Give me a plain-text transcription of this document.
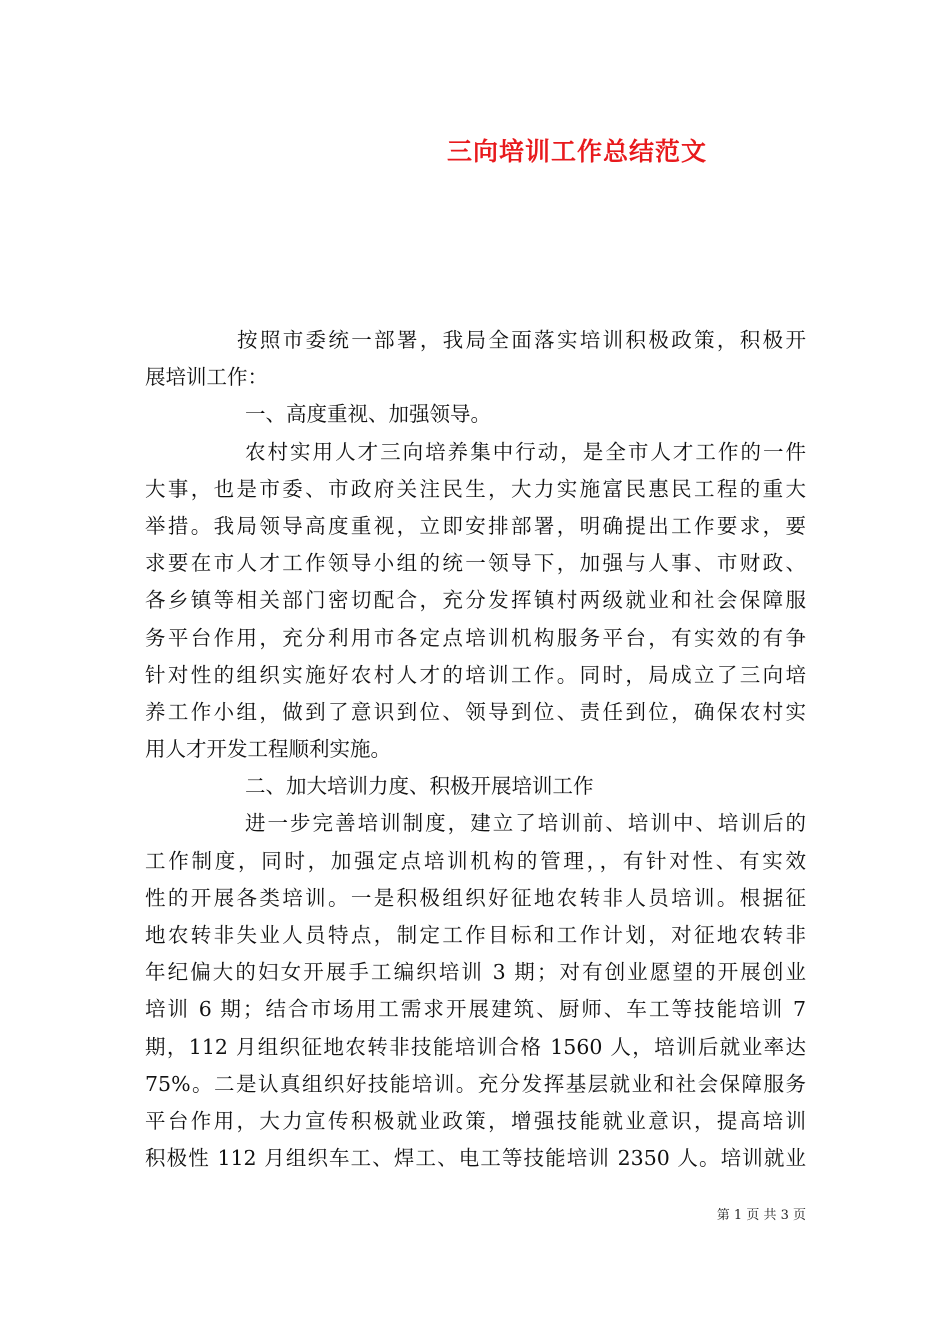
三向培训工作总结范文
按照市委统一部署，我局全面落实培训积极政策，积极开
展培训工作：
一、高度重视、加强领导。
农村实用人才三向培养集中行动，是全市人才工作的一件
大事，也是市委、市政府关注民生，大力实施富民惠民工程的重大
举措。我局领导高度重视，立即安排部署，明确提出工作要求，要
求要在市人才工作领导小组的统一领导下，加强与人事、市财政、
各乡镇等相关部门密切配合，充分发挥镇村两级就业和社会保障服
务平台作用，充分利用市各定点培训机构服务平台，有实效的有争
针对性的组织实施好农村人才的培训工作。同时，局成立了三向培
养工作小组，做到了意识到位、领导到位、责任到位，确保农村实
用人才开发工程顺利实施。
二、加大培训力度、积极开展培训工作
进一步完善培训制度，建立了培训前、培训中、培训后的
工作制度，同时，加强定点培训机构的管理，，有针对性、有实效
性的开展各类培训。一是积极组织好征地农转非人员培训。根据征
地农转非失业人员特点，制定工作目标和工作计划，对征地农转非
年纪偏大的妇女开展手工编织培训 3 期；对有创业愿望的开展创业
培训 6 期；结合市场用工需求开展建筑、厨师、车工等技能培训 7
期，112 月组织征地农转非技能培训合格 1560 人，培训后就业率达
75%。二是认真组织好技能培训。充分发挥基层就业和社会保障服务
平台作用，大力宣传积极就业政策，增强技能就业意识，提高培训
积极性 112 月组织车工、焊工、电工等技能培训 2350 人。培训就业
第 1 页 共 3 页
